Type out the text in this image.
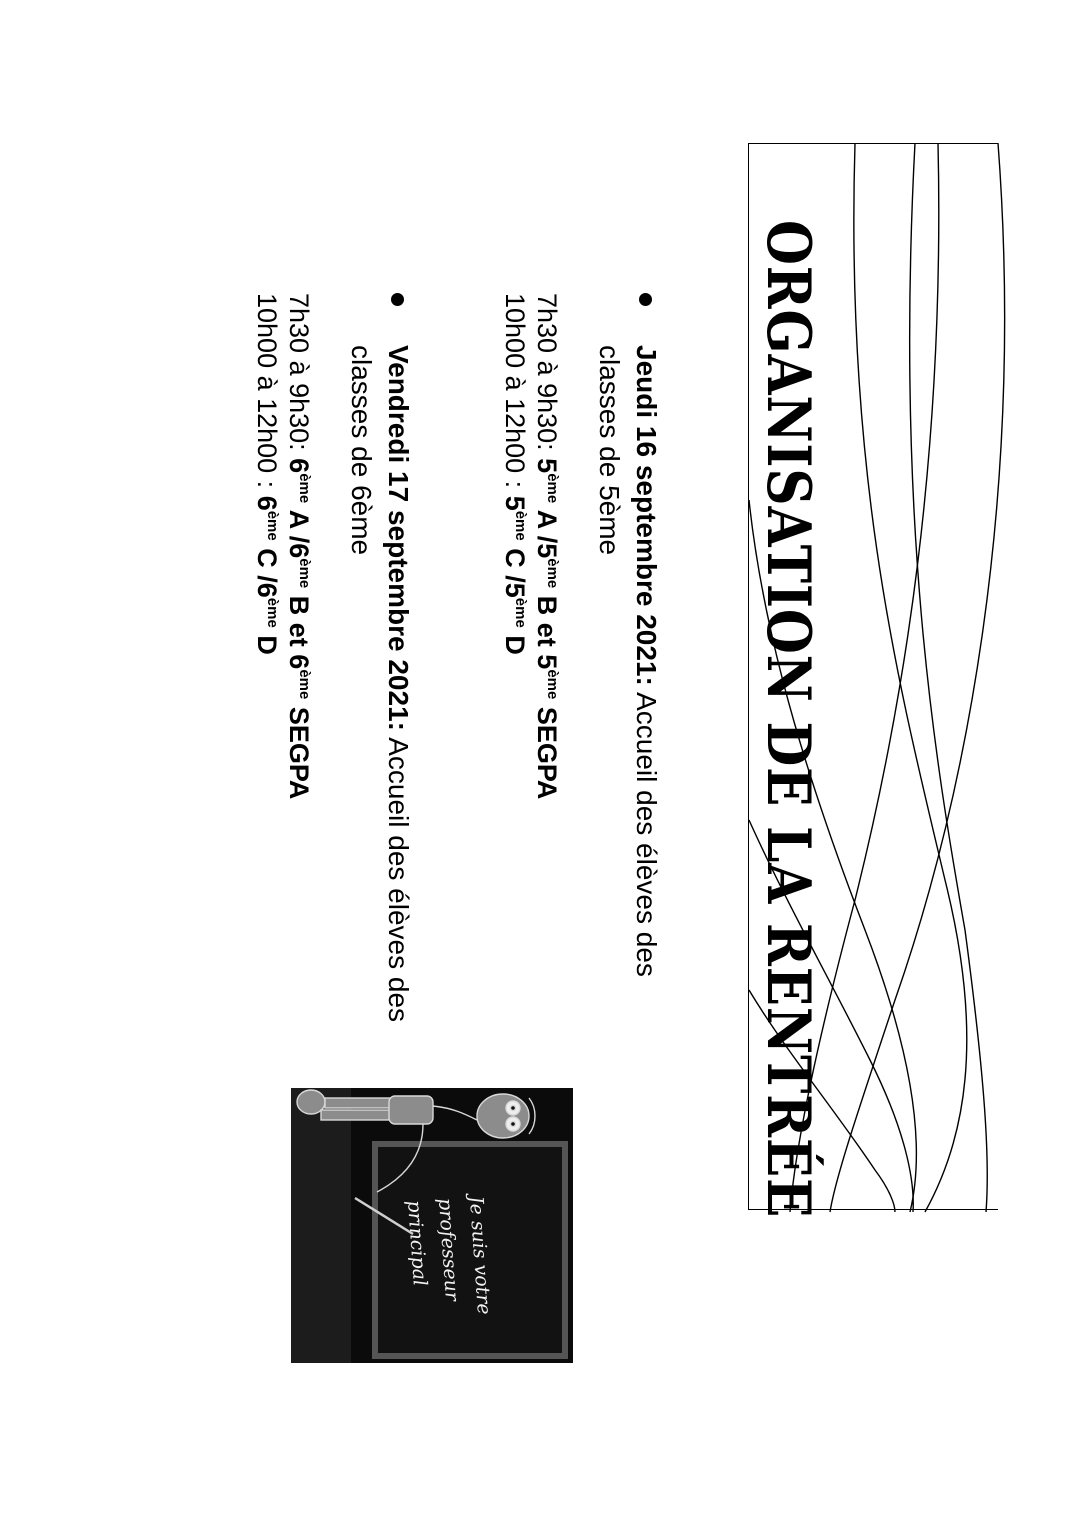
ORGANISATION DE LA RENTRÉE
Jeudi 16 septembre 2021: Accueil des élèves des classes de 5ème
7h30 à 9h30: 5ème A /5ème B et 5ème SEGPA
10h00 à 12h00 : 5ème C /5ème D
Vendredi 17 septembre 2021: Accueil des élèves des classes de 6ème
7h30 à 9h30: 6ème A /6ème B et 6ème SEGPA
10h00 à 12h00 : 6ème C /6ème D
Je suis votre
professeur
principal
